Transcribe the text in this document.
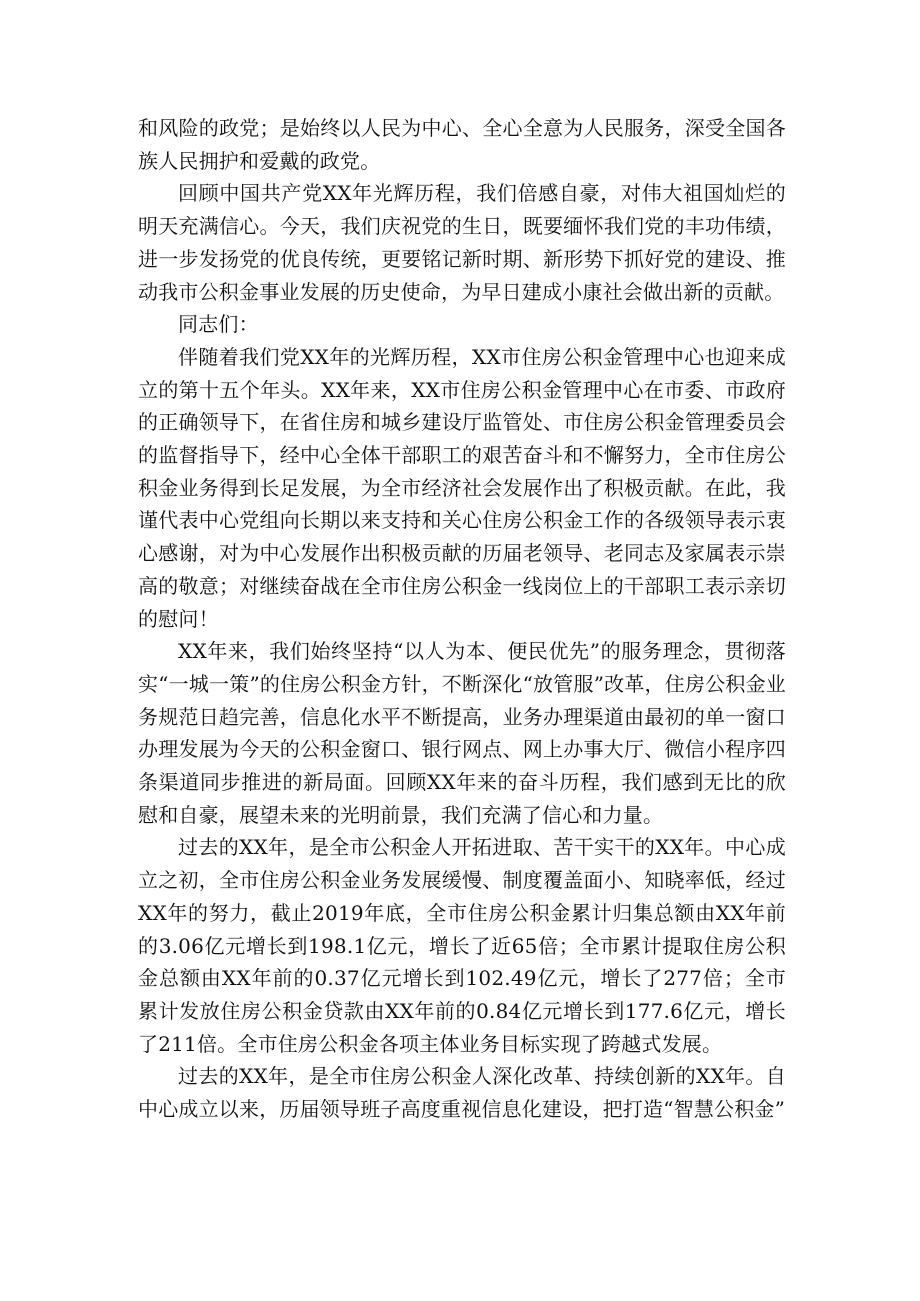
和风险的政党；是始终以人民为中心、全心全意为人民服务，深受全国各族人民拥护和爱戴的政党。

回顾中国共产党XX年光辉历程，我们倍感自豪，对伟大祖国灿烂的明天充满信心。今天，我们庆祝党的生日，既要缅怀我们党的丰功伟绩，进一步发扬党的优良传统，更要铭记新时期、新形势下抓好党的建设、推动我市公积金事业发展的历史使命，为早日建成小康社会做出新的贡献。

同志们：

伴随着我们党XX年的光辉历程，XX市住房公积金管理中心也迎来成立的第十五个年头。XX年来，XX市住房公积金管理中心在市委、市政府的正确领导下，在省住房和城乡建设厅监管处、市住房公积金管理委员会的监督指导下，经中心全体干部职工的艰苦奋斗和不懈努力，全市住房公积金业务得到长足发展，为全市经济社会发展作出了积极贡献。在此，我谨代表中心党组向长期以来支持和关心住房公积金工作的各级领导表示衷心感谢，对为中心发展作出积极贡献的历届老领导、老同志及家属表示崇高的敬意；对继续奋战在全市住房公积金一线岗位上的干部职工表示亲切的慰问！

XX年来，我们始终坚持“以人为本、便民优先”的服务理念，贯彻落实“一城一策”的住房公积金方针，不断深化“放管服”改革，住房公积金业务规范日趋完善，信息化水平不断提高，业务办理渠道由最初的单一窗口办理发展为今天的公积金窗口、银行网点、网上办事大厅、微信小程序四条渠道同步推进的新局面。回顾XX年来的奋斗历程，我们感到无比的欣慰和自豪，展望未来的光明前景，我们充满了信心和力量。

过去的XX年，是全市公积金人开拓进取、苦干实干的XX年。中心成立之初，全市住房公积金业务发展缓慢、制度覆盖面小、知晓率低，经过XX年的努力，截止2019年底，全市住房公积金累计归集总额由XX年前的3.06亿元增长到198.1亿元，增长了近65倍；全市累计提取住房公积金总额由XX年前的0.37亿元增长到102.49亿元，增长了277倍；全市累计发放住房公积金贷款由XX年前的0.84亿元增长到177.6亿元，增长了211倍。全市住房公积金各项主体业务目标实现了跨越式发展。

过去的XX年，是全市住房公积金人深化改革、持续创新的XX年。自中心成立以来，历届领导班子高度重视信息化建设，把打造“智慧公积金”
